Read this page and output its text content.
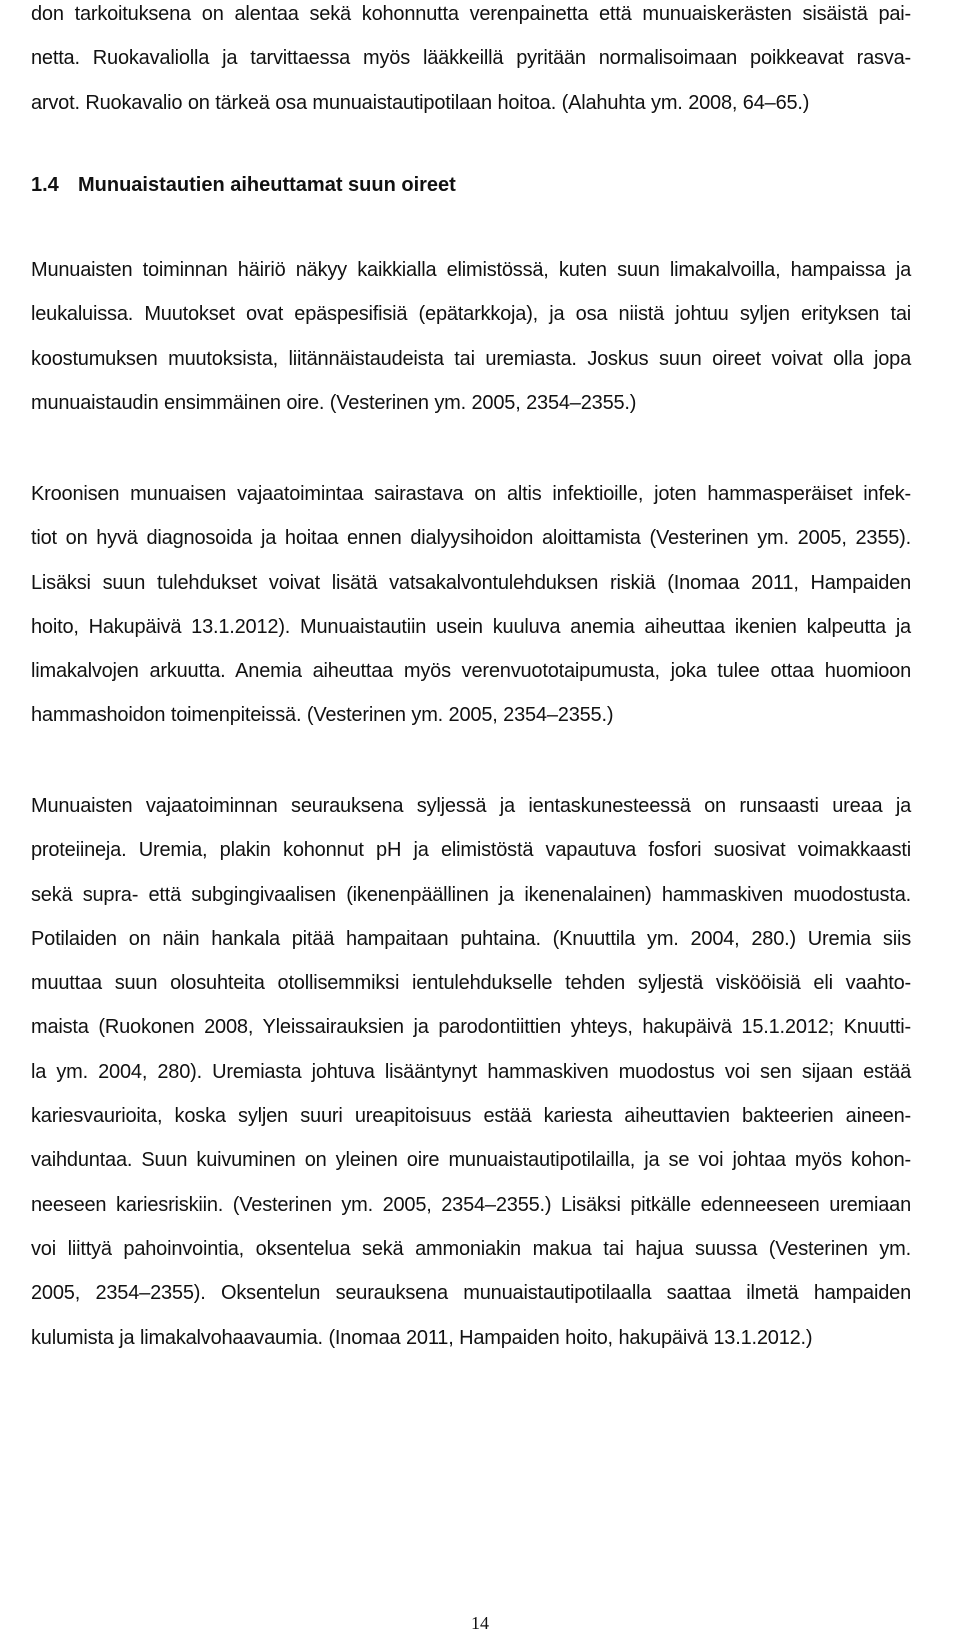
don tarkoituksena on alentaa sekä kohonnutta verenpainetta että munuaiskerästen sisäistä pai-
netta. Ruokavaliolla ja tarvittaessa myös lääkkeillä pyritään normalisoimaan poikkeavat rasva-
arvot. Ruokavalio on tärkeä osa munuaistautipotilaan hoitoa. (Alahuhta ym. 2008, 64–65.)
1.4 Munuaistautien aiheuttamat suun oireet
Munuaisten toiminnan häiriö näkyy kaikkialla elimistössä, kuten suun limakalvoilla, hampaissa ja
leukaluissa. Muutokset ovat epäspesifisiä (epätarkkoja), ja osa niistä johtuu syljen erityksen tai
koostumuksen muutoksista, liitännäistaudeista tai uremiasta. Joskus suun oireet voivat olla jopa
munuaistaudin ensimmäinen oire. (Vesterinen ym. 2005, 2354–2355.)
Kroonisen munuaisen vajaatoimintaa sairastava on altis infektioille, joten hammasperäiset infek-
tiot on hyvä diagnosoida ja hoitaa ennen dialyysihoidon aloittamista (Vesterinen ym. 2005, 2355).
Lisäksi suun tulehdukset voivat lisätä vatsakalvontulehduksen riskiä (Inomaa 2011, Hampaiden
hoito, Hakupäivä 13.1.2012). Munuaistautiin usein kuuluva anemia aiheuttaa ikenien kalpeutta ja
limakalvojen arkuutta. Anemia aiheuttaa myös verenvuototaipumusta, joka tulee ottaa huomioon
hammashoidon toimenpiteissä. (Vesterinen ym. 2005, 2354–2355.)
Munuaisten vajaatoiminnan seurauksena syljessä ja ientaskunesteessä on runsaasti ureaa ja
proteiineja. Uremia, plakin kohonnut pH ja elimistöstä vapautuva fosfori suosivat voimakkaasti
sekä supra- että subgingivaalisen (ikenenpäällinen ja ikenenalainen) hammaskiven muodostusta.
Potilaiden on näin hankala pitää hampaitaan puhtaina. (Knuuttila ym. 2004, 280.) Uremia siis
muuttaa suun olosuhteita otollisemmiksi ientulehdukselle tehden syljestä viskööisiä eli vaahto-
maista (Ruokonen 2008, Yleissairauksien ja parodontiittien yhteys, hakupäivä 15.1.2012; Knuutti-
la ym. 2004, 280). Uremiasta johtuva lisääntynyt hammaskiven muodostus voi sen sijaan estää
kariesvaurioita, koska syljen suuri ureapitoisuus estää kariesta aiheuttavien bakteerien aineen-
vaihduntaa. Suun kuivuminen on yleinen oire munuaistautipotilailla, ja se voi johtaa myös kohon-
neeseen kariesriskiin. (Vesterinen ym. 2005, 2354–2355.) Lisäksi pitkälle edenneeseen uremiaan
voi liittyä pahoinvointia, oksentelua sekä ammoniakin makua tai hajua suussa (Vesterinen ym.
2005, 2354–2355). Oksentelun seurauksena munuaistautipotilaalla saattaa ilmetä hampaiden
kulumista ja limakalvohaavaumia. (Inomaa 2011, Hampaiden hoito, hakupäivä 13.1.2012.)
14
